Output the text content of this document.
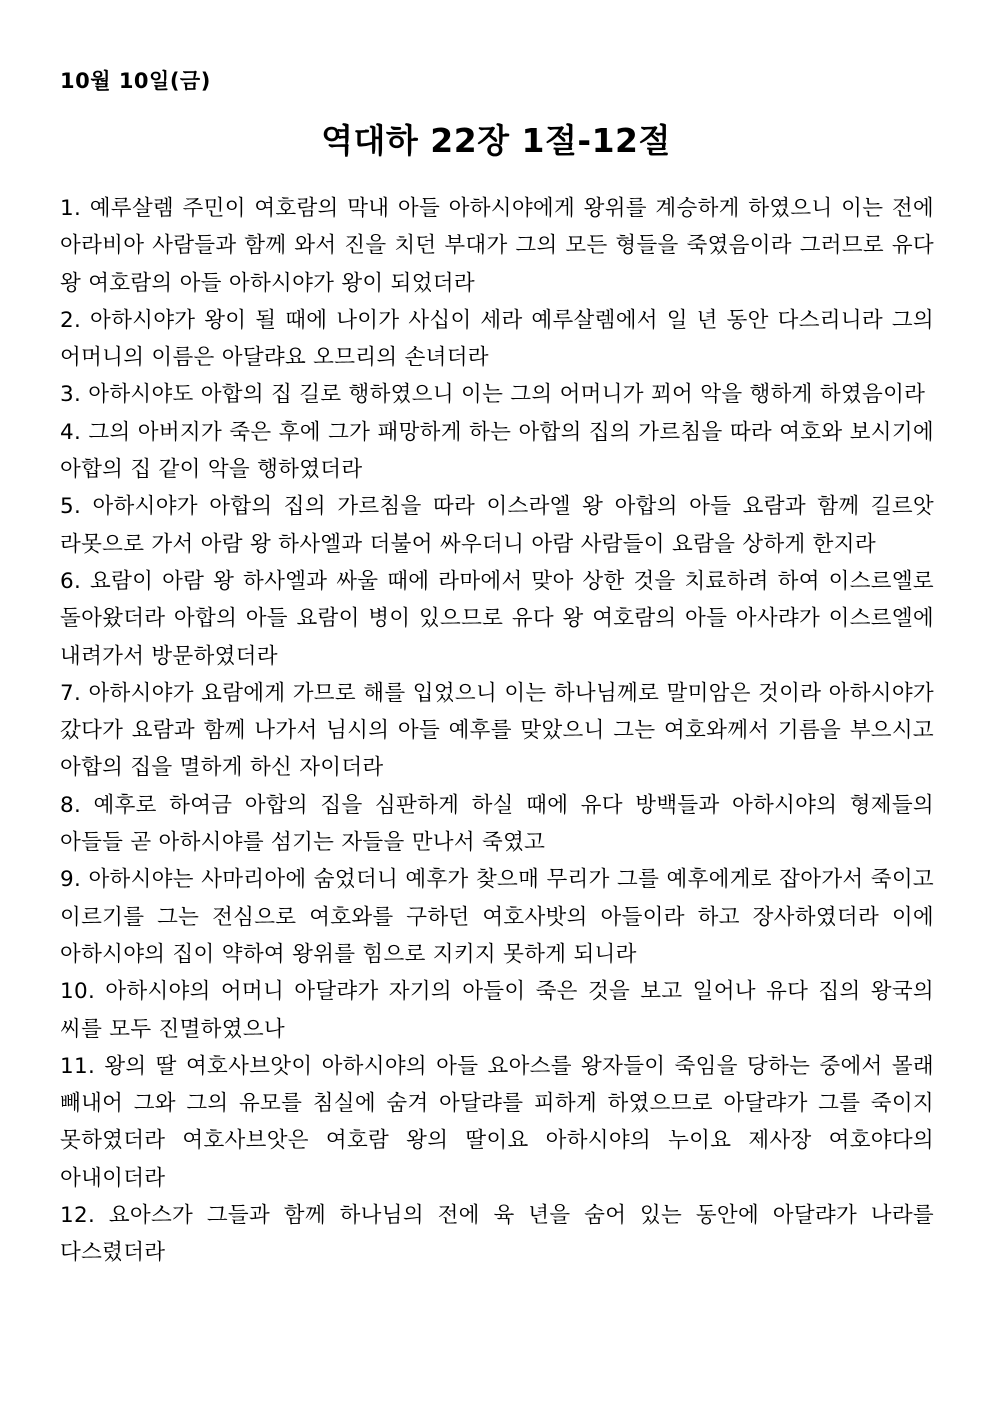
10월 10일(금)
역대하 22장 1절-12절
1. 예루살렘 주민이 여호람의 막내 아들 아하시야에게 왕위를 계승하게 하였으니 이는 전에 아라비아 사람들과 함께 와서 진을 치던 부대가 그의 모든 형들을 죽였음이라 그러므로 유다 왕 여호람의 아들 아하시야가 왕이 되었더라
2. 아하시야가 왕이 될 때에 나이가 사십이 세라 예루살렘에서 일 년 동안 다스리니라 그의 어머니의 이름은 아달랴요 오므리의 손녀더라
3. 아하시야도 아합의 집 길로 행하였으니 이는 그의 어머니가 꾀어 악을 행하게 하였음이라
4. 그의 아버지가 죽은 후에 그가 패망하게 하는 아합의 집의 가르침을 따라 여호와 보시기에 아합의 집 같이 악을 행하였더라
5. 아하시야가 아합의 집의 가르침을 따라 이스라엘 왕 아합의 아들 요람과 함께 길르앗 라못으로 가서 아람 왕 하사엘과 더불어 싸우더니 아람 사람들이 요람을 상하게 한지라
6. 요람이 아람 왕 하사엘과 싸울 때에 라마에서 맞아 상한 것을 치료하려 하여 이스르엘로 돌아왔더라 아합의 아들 요람이 병이 있으므로 유다 왕 여호람의 아들 아사랴가 이스르엘에 내려가서 방문하였더라
7. 아하시야가 요람에게 가므로 해를 입었으니 이는 하나님께로 말미암은 것이라 아하시야가 갔다가 요람과 함께 나가서 님시의 아들 예후를 맞았으니 그는 여호와께서 기름을 부으시고 아합의 집을 멸하게 하신 자이더라
8. 예후로 하여금 아합의 집을 심판하게 하실 때에 유다 방백들과 아하시야의 형제들의 아들들 곧 아하시야를 섬기는 자들을 만나서 죽였고
9. 아하시야는 사마리아에 숨었더니 예후가 찾으매 무리가 그를 예후에게로 잡아가서 죽이고 이르기를 그는 전심으로 여호와를 구하던 여호사밧의 아들이라 하고 장사하였더라 이에 아하시야의 집이 약하여 왕위를 힘으로 지키지 못하게 되니라
10. 아하시야의 어머니 아달랴가 자기의 아들이 죽은 것을 보고 일어나 유다 집의 왕국의 씨를 모두 진멸하였으나
11. 왕의 딸 여호사브앗이 아하시야의 아들 요아스를 왕자들이 죽임을 당하는 중에서 몰래 빼내어 그와 그의 유모를 침실에 숨겨 아달랴를 피하게 하였으므로 아달랴가 그를 죽이지 못하였더라 여호사브앗은 여호람 왕의 딸이요 아하시야의 누이요 제사장 여호야다의 아내이더라
12. 요아스가 그들과 함께 하나님의 전에 육 년을 숨어 있는 동안에 아달랴가 나라를 다스렸더라
